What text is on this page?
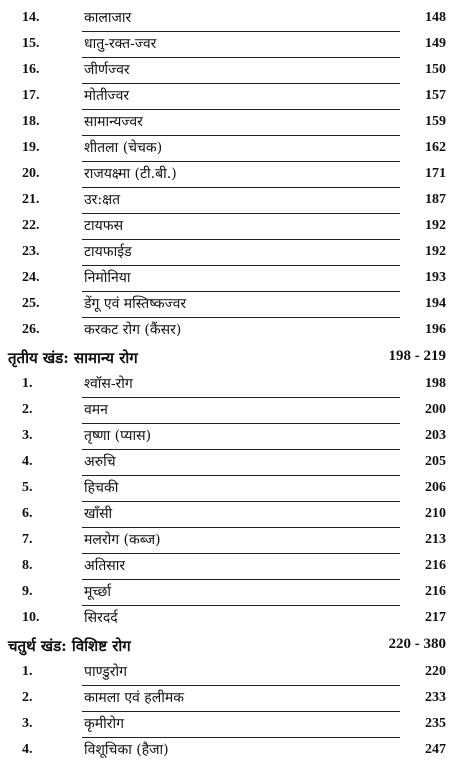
14.	कालाजार	148
15.	धातु-रक्त-ज्वर	149
16.	जीर्णज्वर	150
17.	मोतीज्वर	157
18.	सामान्यज्वर	159
19.	शीतला (चेचक)	162
20.	राजयक्ष्मा (टी.बी.)	171
21.	उर:क्षत	187
22.	टायफस	192
23.	टायफाईड	192
24.	निमोनिया	193
25.	डेंगू एवं मस्तिष्कज्वर	194
26.	करकट रोग (कैंसर)	196
तृतीय खंड: सामान्य रोग	198 - 219
1.	श्वॉस-रोग	198
2.	वमन	200
3.	तृष्णा (प्यास)	203
4.	अरुचि	205
5.	हिचकी	206
6.	खाँसी	210
7.	मलरोग (कब्ज)	213
8.	अतिसार	216
9.	मूर्च्छा	216
10.	सिरदर्द	217
चतुर्थ खंड: विशिष्ट रोग	220 - 380
1.	पाण्डुरोग	220
2.	कामला एवं हलीमक	233
3.	कृमीरोग	235
4.	विशूचिका (हैजा)	247
